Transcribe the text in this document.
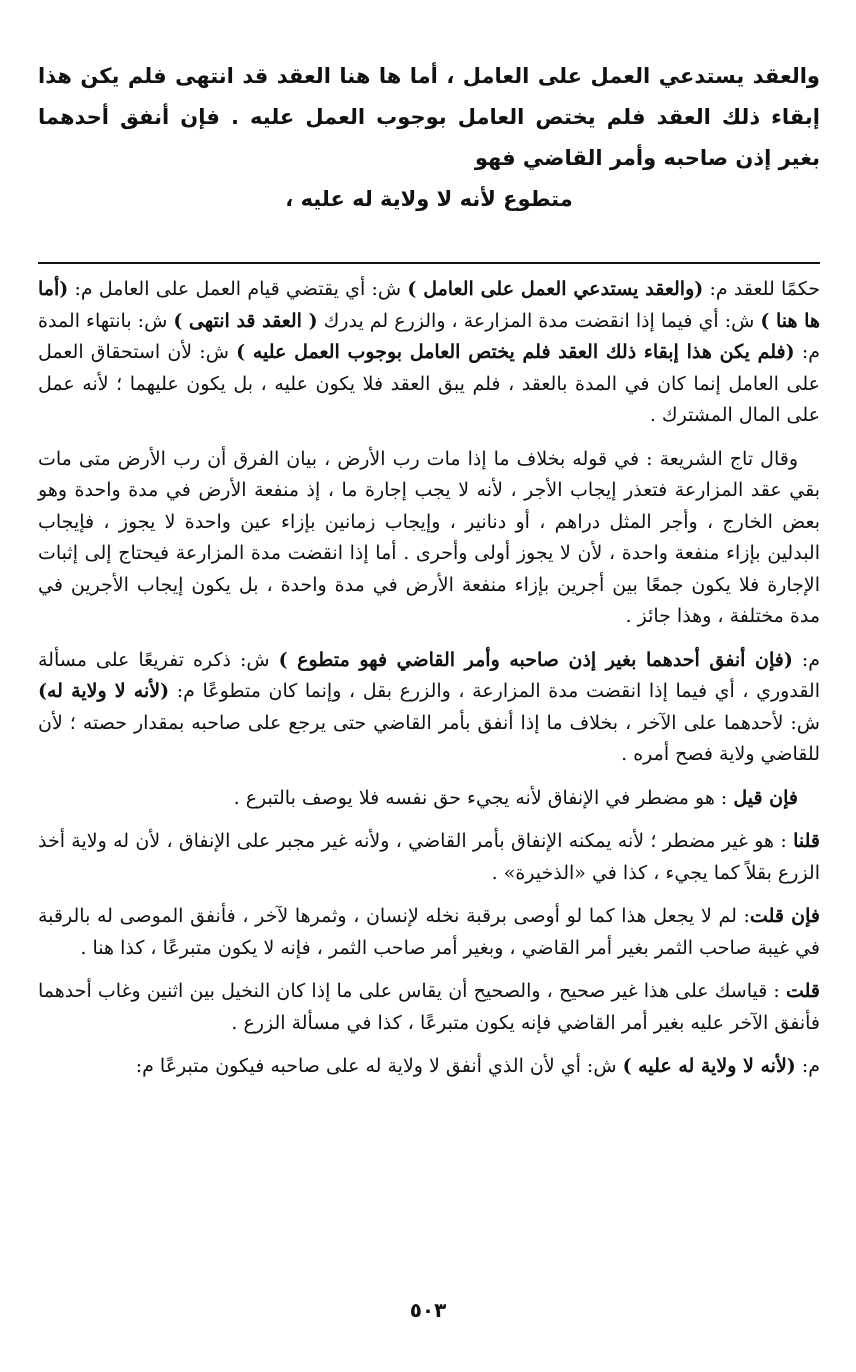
والعقد يستدعي العمل على العامل ، أما ها هنا العقد قد انتهى فلم يكن هذا إبقاء ذلك العقد فلم يختص العامل بوجوب العمل عليه . فإن أنفق أحدهما بغير إذن صاحبه وأمر القاضي فهو

متطوع لأنه لا ولاية له عليه ،

حكمًا للعقد م: (والعقد يستدعي العمل على العامل ) ش: أي يقتضي قيام العمل على العامل م: (أما ها هنا ) ش: أي فيما إذا انقضت مدة المزارعة ، والزرع لم يدرك ( العقد قد انتهى ) ش: بانتهاء المدة م: (فلم يكن هذا إبقاء ذلك العقد فلم يختص العامل بوجوب العمل عليه ) ش: لأن استحقاق العمل على العامل إنما كان في المدة بالعقد ، فلم يبق العقد فلا يكون عليه ، بل يكون عليهما ؛ لأنه عمل على المال المشترك .

وقال تاج الشريعة : في قوله بخلاف ما إذا مات رب الأرض ، بيان الفرق أن رب الأرض متى مات بقي عقد المزارعة فتعذر إيجاب الأجر ، لأنه لا يجب إجارة ما ، إذ منفعة الأرض في مدة واحدة وهو بعض الخارج ، وأجر المثل دراهم ، أو دنانير ، وإيجاب زمانين بإزاء عين واحدة لا يجوز ، فإيجاب البدلين بإزاء منفعة واحدة ، لأن لا يجوز أولى وأحرى . أما إذا انقضت مدة المزارعة فيحتاج إلى إثبات الإجارة فلا يكون جمعًا بين أجرين بإزاء منفعة الأرض في مدة واحدة ، بل يكون إيجاب الأجرين في مدة مختلفة ، وهذا جائز .

م: (فإن أنفق أحدهما بغير إذن صاحبه وأمر القاضي فهو متطوع ) ش: ذكره تفريعًا على مسألة القدوري ، أي فيما إذا انقضت مدة المزارعة ، والزرع بقل ، وإنما كان متطوعًا م: (لأنه لا ولاية له) ش: لأحدهما على الآخر ، بخلاف ما إذا أنفق بأمر القاضي حتى يرجع على صاحبه بمقدار حصته ؛ لأن للقاضي ولاية فصح أمره .

فإن قيل : هو مضطر في الإنفاق لأنه يجيء حق نفسه فلا يوصف بالتبرع .

قلنا : هو غير مضطر ؛ لأنه يمكنه الإنفاق بأمر القاضي ، ولأنه غير مجبر على الإنفاق ، لأن له ولاية أخذ الزرع بقلاً كما يجيء ، كذا في «الذخيرة» .

فإن قلت: لم لا يجعل هذا كما لو أوصى برقبة نخله لإنسان ، وثمرها لآخر ، فأنفق الموصى له بالرقبة في غيبة صاحب الثمر بغير أمر القاضي ، وبغير أمر صاحب الثمر ، فإنه لا يكون متبرعًا ، كذا هنا .

قلت : قياسك على هذا غير صحيح ، والصحيح أن يقاس على ما إذا كان النخيل بين اثنين وغاب أحدهما فأنفق الآخر عليه بغير أمر القاضي فإنه يكون متبرعًا ، كذا في مسألة الزرع .

م: (لأنه لا ولاية له عليه ) ش: أي لأن الذي أنفق لا ولاية له على صاحبه فيكون متبرعًا م:

٥٠٣
